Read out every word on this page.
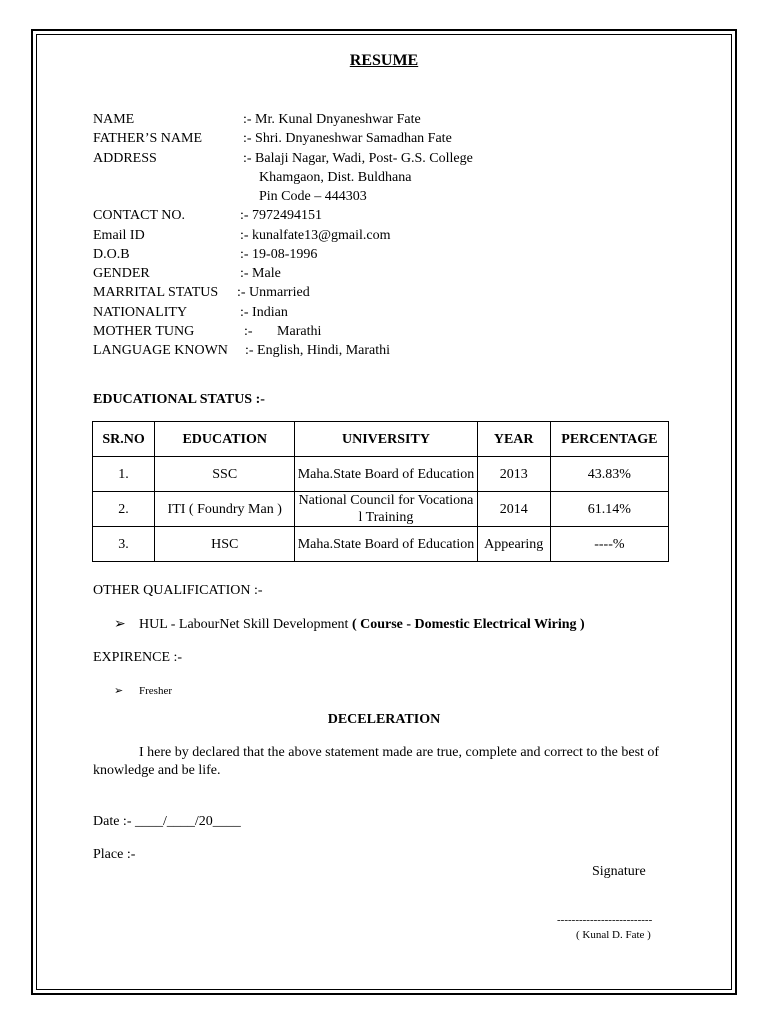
RESUME
NAME	:- Mr. Kunal Dnyaneshwar Fate
FATHER’S NAME	:- Shri. Dnyaneshwar Samadhan Fate
ADDRESS	:- Balaji Nagar, Wadi, Post- G.S. College
Khamgaon, Dist. Buldhana
Pin Code – 444303
CONTACT NO.	:- 7972494151
Email ID	:- kunalfate13@gmail.com
D.O.B	:- 19-08-1996
GENDER	:- Male
MARRITAL STATUS :- Unmarried
NATIONALITY	:- Indian
MOTHER TUNG	:-       Marathi
LANGUAGE KNOWN :- English, Hindi, Marathi
EDUCATIONAL STATUS :-
SR.NO	EDUCATION	UNIVERSITY	YEAR	PERCENTAGE
1.	SSC	Maha.State Board of Education	2013	43.83%
2.	ITI ( Foundry Man )	National Council for Vocational Training	2014	61.14%
3.	HSC	Maha.State Board of Education	Appearing	----%
OTHER QUALIFICATION :-
➢ HUL - LabourNet Skill Development ( Course - Domestic Electrical Wiring )
EXPIRENCE :-
➢ Fresher
DECELERATION
I here by declared that the above statement made are true, complete and correct to the best of knowledge and be life.
Date :- ____/____/20____
Place :-
Signature
--------------------------
( Kunal D. Fate )
